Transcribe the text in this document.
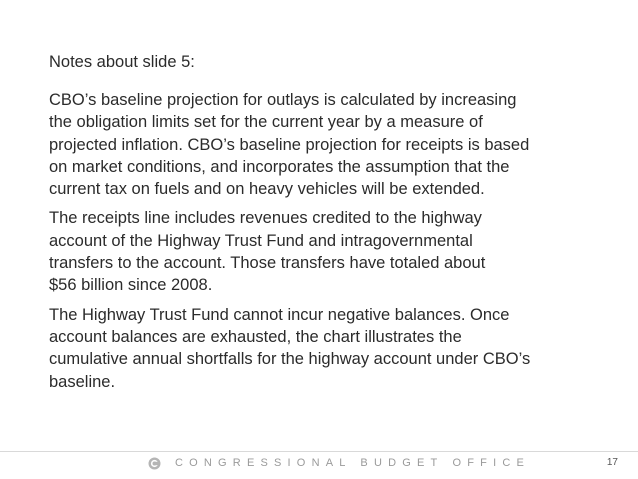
Notes about slide 5:
CBO’s baseline projection for outlays is calculated by increasing
the obligation limits set for the current year by a measure of
projected inflation. CBO’s baseline projection for receipts is based
on market conditions, and incorporates the assumption that the
current tax on fuels and on heavy vehicles will be extended.
The receipts line includes revenues credited to the highway
account of the Highway Trust Fund and intragovernmental
transfers to the account. Those transfers have totaled about
$56 billion since 2008.
The Highway Trust Fund cannot incur negative balances. Once
account balances are exhausted, the chart illustrates the
cumulative annual shortfalls for the highway account under CBO’s
baseline.
CONGRESSIONAL BUDGET OFFICE	17
